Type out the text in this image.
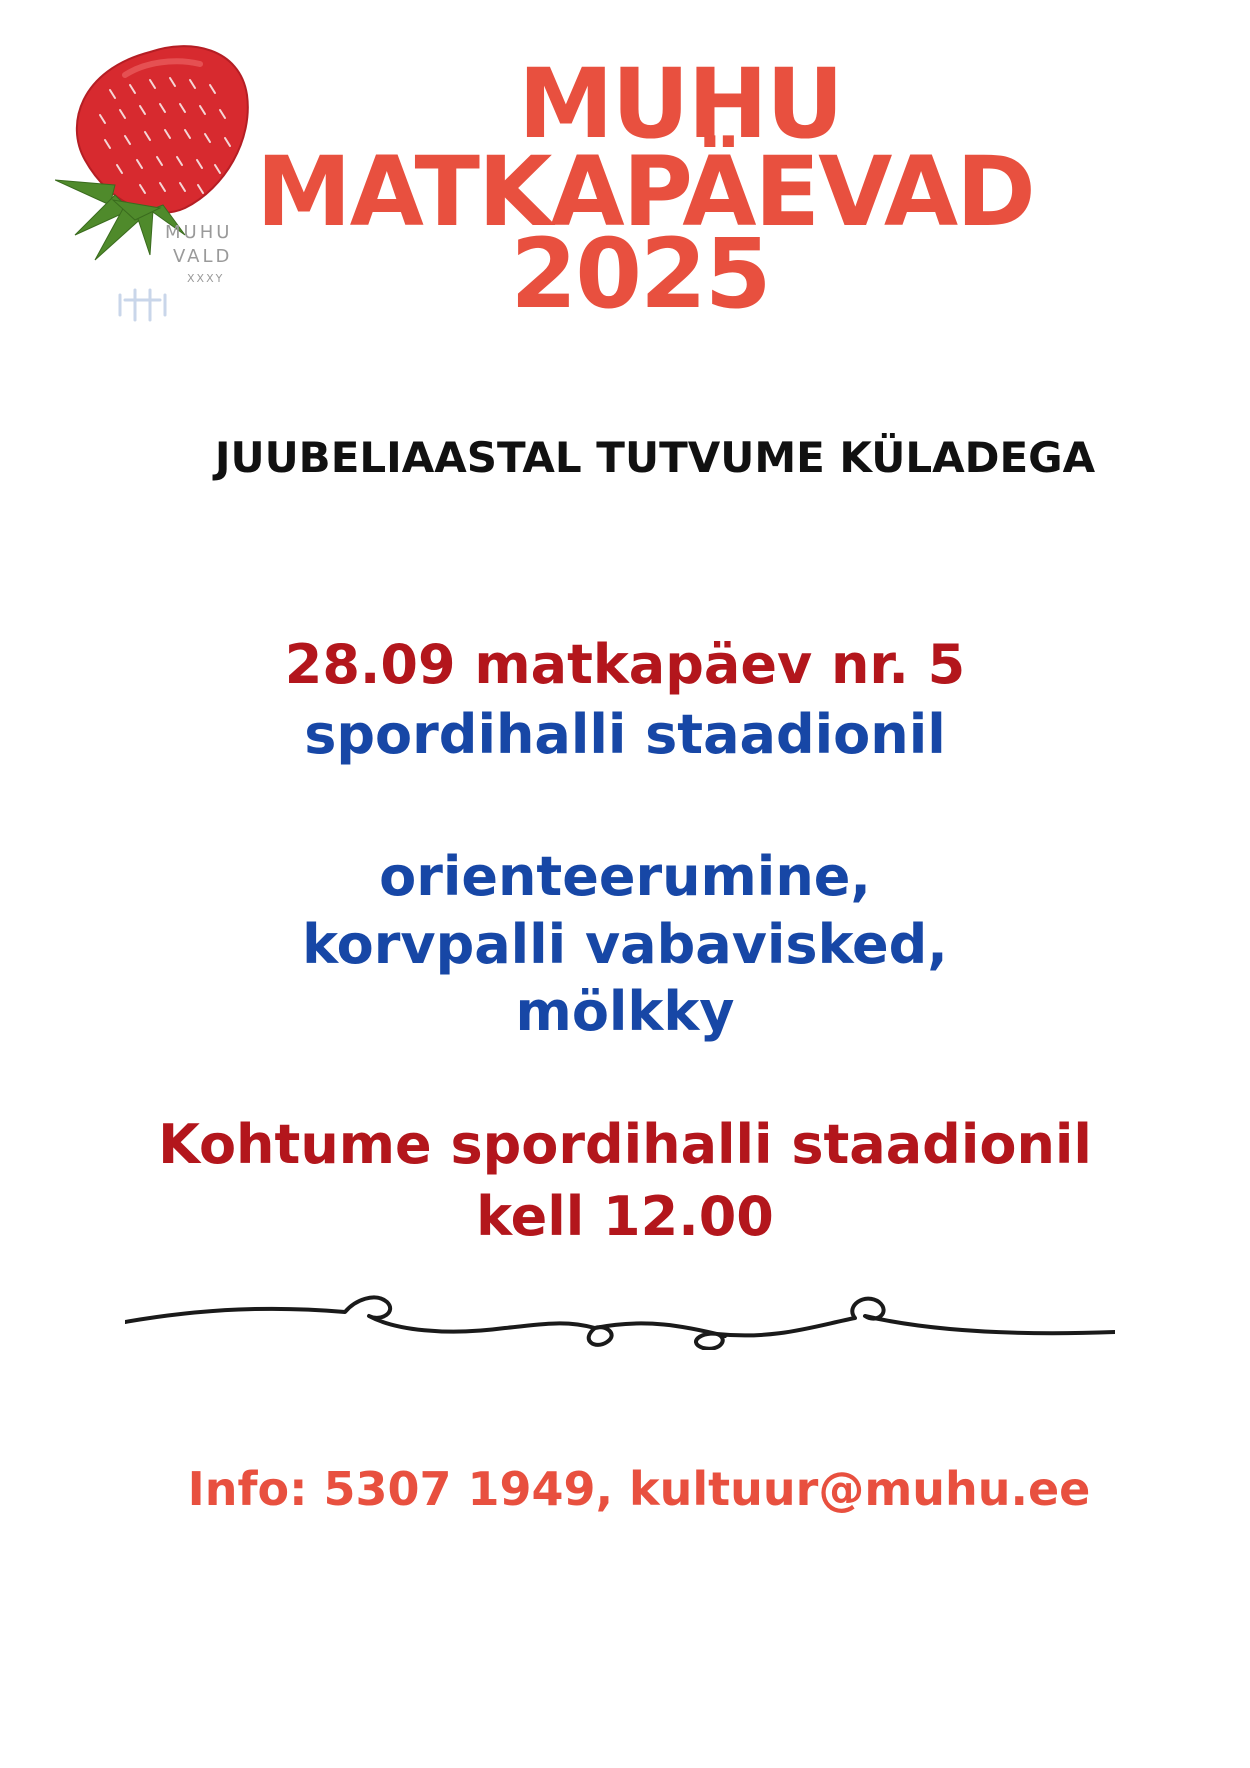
MUHU
VALD
XXXY
MUHU
MATKAPÄEVAD
2025
JUUBELIAASTAL TUTVUME KÜLADEGA
28.09 matkapäev nr. 5
spordihalli staadionil
orienteerumine,
korvpalli vabavisked,
mölkky
Kohtume spordihalli staadionil
kell 12.00
Info: 5307 1949, kultuur@muhu.ee
